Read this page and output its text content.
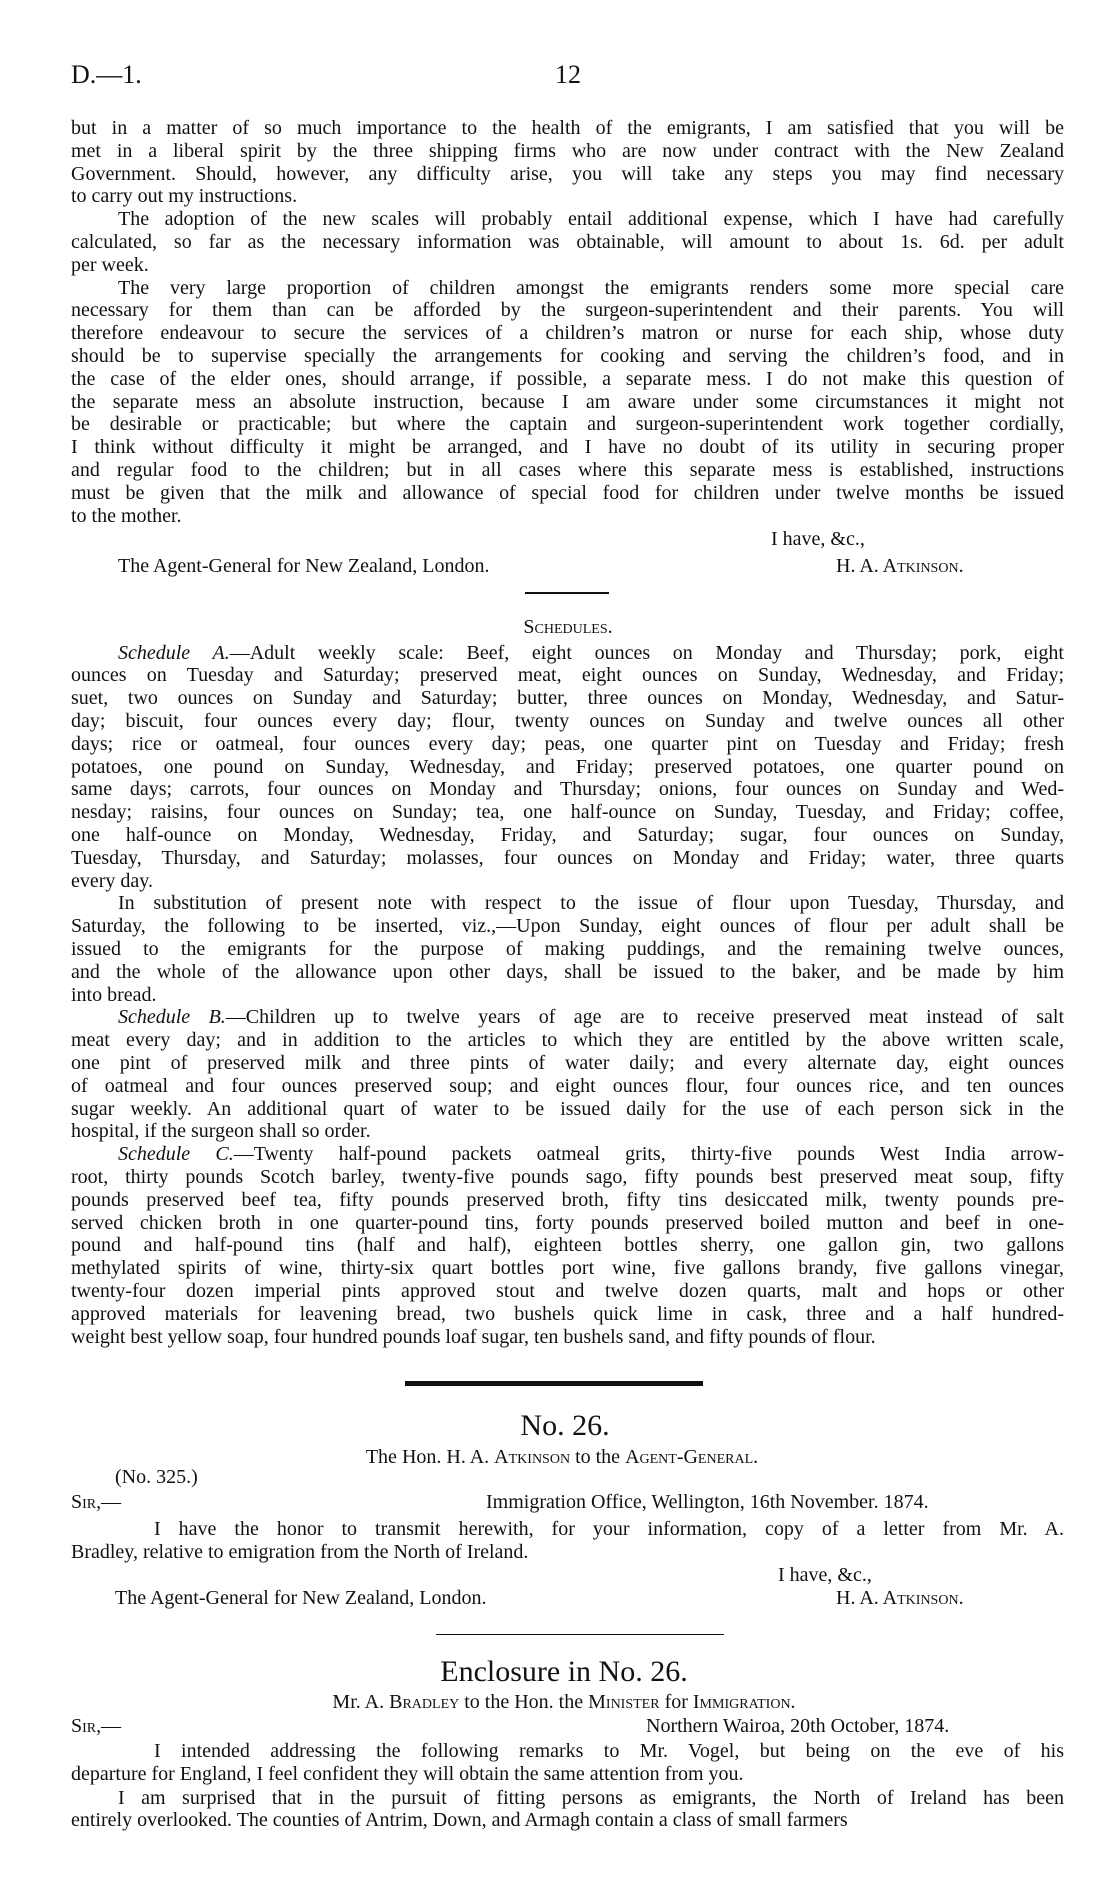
D.—1.	12
but in a matter of so much importance to the health of the emigrants, I am satisfied that you will be
met in a liberal spirit by the three shipping firms who are now under contract with the New Zealand
Government. Should, however, any difficulty arise, you will take any steps you may find necessary
to carry out my instructions.
The adoption of the new scales will probably entail additional expense, which I have had carefully
calculated, so far as the necessary information was obtainable, will amount to about 1s. 6d. per adult
per week.
The very large proportion of children amongst the emigrants renders some more special care
necessary for them than can be afforded by the surgeon-superintendent and their parents. You will
therefore endeavour to secure the services of a children’s matron or nurse for each ship, whose duty
should be to supervise specially the arrangements for cooking and serving the children’s food, and in
the case of the elder ones, should arrange, if possible, a separate mess. I do not make this question of
the separate mess an absolute instruction, because I am aware under some circumstances it might not
be desirable or practicable; but where the captain and surgeon-superintendent work together cordially,
I think without difficulty it might be arranged, and I have no doubt of its utility in securing proper
and regular food to the children; but in all cases where this separate mess is established, instructions
must be given that the milk and allowance of special food for children under twelve months be issued
to the mother.
I have, &c.,
The Agent-General for New Zealand, London.	H. A. Atkinson.
Schedules.
Schedule A.—Adult weekly scale: Beef, eight ounces on Monday and Thursday; pork, eight
ounces on Tuesday and Saturday; preserved meat, eight ounces on Sunday, Wednesday, and Friday;
suet, two ounces on Sunday and Saturday; butter, three ounces on Monday, Wednesday, and Satur-
day; biscuit, four ounces every day; flour, twenty ounces on Sunday and twelve ounces all other
days; rice or oatmeal, four ounces every day; peas, one quarter pint on Tuesday and Friday; fresh
potatoes, one pound on Sunday, Wednesday, and Friday; preserved potatoes, one quarter pound on
same days; carrots, four ounces on Monday and Thursday; onions, four ounces on Sunday and Wed-
nesday; raisins, four ounces on Sunday; tea, one half-ounce on Sunday, Tuesday, and Friday; coffee,
one half-ounce on Monday, Wednesday, Friday, and Saturday; sugar, four ounces on Sunday,
Tuesday, Thursday, and Saturday; molasses, four ounces on Monday and Friday; water, three quarts
every day.
In substitution of present note with respect to the issue of flour upon Tuesday, Thursday, and
Saturday, the following to be inserted, viz.,—Upon Sunday, eight ounces of flour per adult shall be
issued to the emigrants for the purpose of making puddings, and the remaining twelve ounces,
and the whole of the allowance upon other days, shall be issued to the baker, and be made by him
into bread.
Schedule B.—Children up to twelve years of age are to receive preserved meat instead of salt
meat every day; and in addition to the articles to which they are entitled by the above written scale,
one pint of preserved milk and three pints of water daily; and every alternate day, eight ounces
of oatmeal and four ounces preserved soup; and eight ounces flour, four ounces rice, and ten ounces
sugar weekly. An additional quart of water to be issued daily for the use of each person sick in the
hospital, if the surgeon shall so order.
Schedule C.—Twenty half-pound packets oatmeal grits, thirty-five pounds West India arrow-
root, thirty pounds Scotch barley, twenty-five pounds sago, fifty pounds best preserved meat soup, fifty
pounds preserved beef tea, fifty pounds preserved broth, fifty tins desiccated milk, twenty pounds pre-
served chicken broth in one quarter-pound tins, forty pounds preserved boiled mutton and beef in one-
pound and half-pound tins (half and half), eighteen bottles sherry, one gallon gin, two gallons
methylated spirits of wine, thirty-six quart bottles port wine, five gallons brandy, five gallons vinegar,
twenty-four dozen imperial pints approved stout and twelve dozen quarts, malt and hops or other
approved materials for leavening bread, two bushels quick lime in cask, three and a half hundred-
weight best yellow soap, four hundred pounds loaf sugar, ten bushels sand, and fifty pounds of flour.
No. 26.
The Hon. H. A. Atkinson to the Agent-General.
(No. 325.)
Sir,—	Immigration Office, Wellington, 16th November. 1874.
I have the honor to transmit herewith, for your information, copy of a letter from Mr. A.
Bradley, relative to emigration from the North of Ireland.
I have, &c.,
The Agent-General for New Zealand, London.	H. A. Atkinson.
Enclosure in No. 26.
Mr. A. Bradley to the Hon. the Minister for Immigration.
Sir,—	Northern Wairoa, 20th October, 1874.
I intended addressing the following remarks to Mr. Vogel, but being on the eve of his
departure for England, I feel confident they will obtain the same attention from you.
I am surprised that in the pursuit of fitting persons as emigrants, the North of Ireland has been
entirely overlooked. The counties of Antrim, Down, and Armagh contain a class of small farmers
